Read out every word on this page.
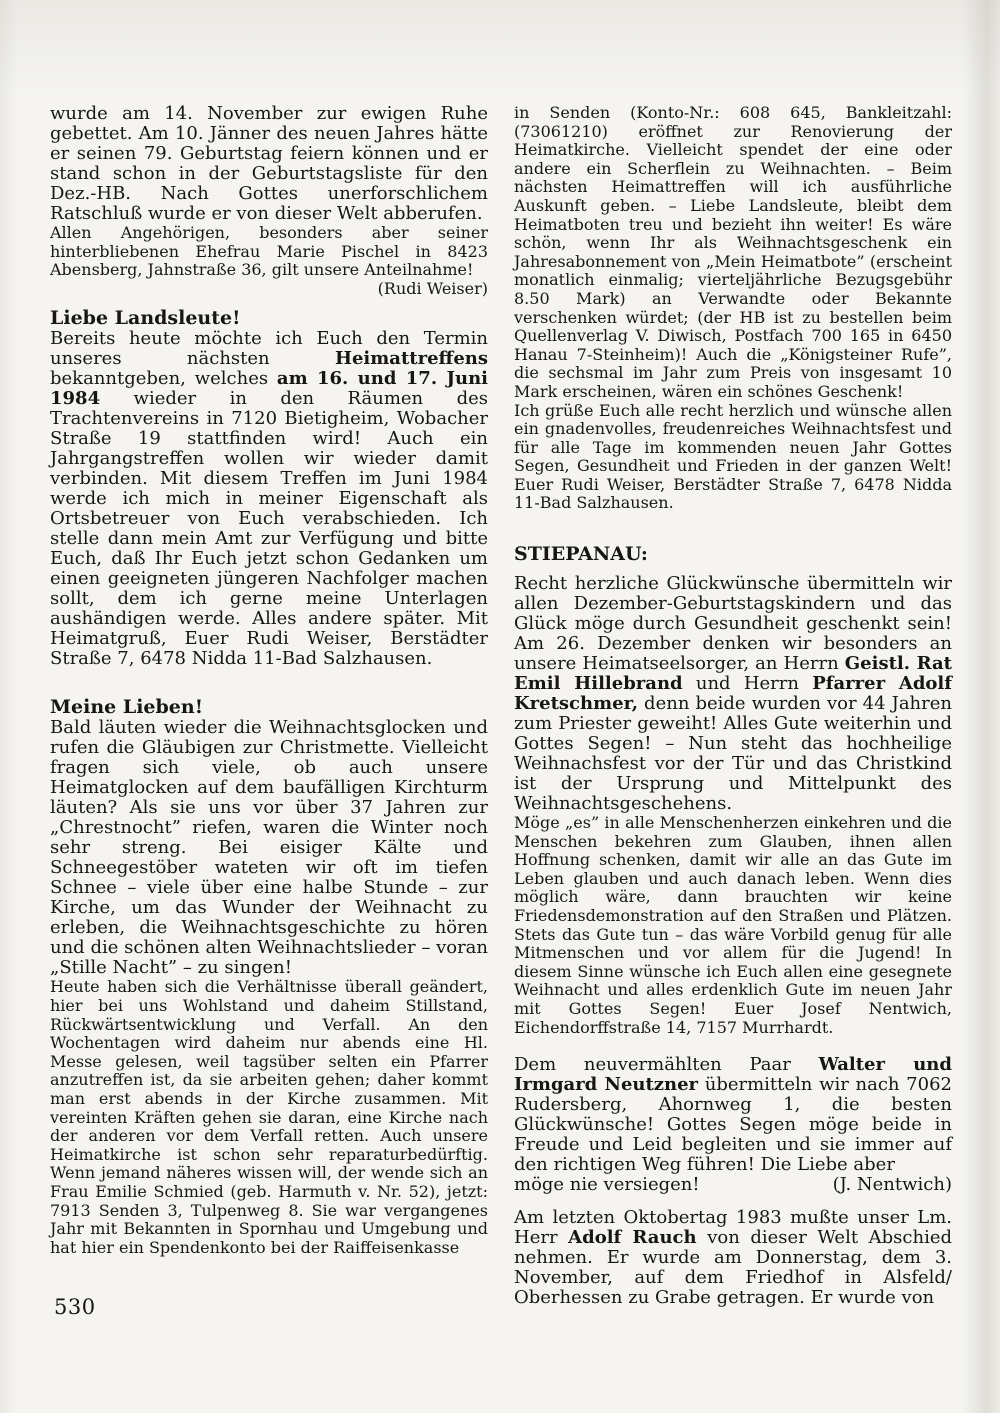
wurde am 14. November zur ewigen Ruhe gebettet. Am 10. Jänner des neuen Jahres hätte er seinen 79. Geburtstag feiern können und er stand schon in der Geburtstagsliste für den Dez.-HB. Nach Gottes unerforschlichem Ratschluß wurde er von dieser Welt abberufen.

Allen Angehörigen, besonders aber seiner hinterbliebenen Ehefrau Marie Pischel in 8423 Abensberg, Jahnstraße 36, gilt unsere Anteilnahme!

(Rudi Weiser)
Liebe Landsleute!

Bereits heute möchte ich Euch den Termin unseres nächsten Heimattreffens bekanntgeben, welches am 16. und 17. Juni 1984 wieder in den Räumen des Trachtenvereins in 7120 Bietigheim, Wobacher Straße 19 stattfinden wird! Auch ein Jahrgangstreffen wollen wir wieder damit verbinden. Mit diesem Treffen im Juni 1984 werde ich mich in meiner Eigenschaft als Ortsbetreuer von Euch verabschieden. Ich stelle dann mein Amt zur Verfügung und bitte Euch, daß Ihr Euch jetzt schon Gedanken um einen geeigneten jüngeren Nachfolger machen sollt, dem ich gerne meine Unterlagen aushändigen werde. Alles andere später. Mit Heimatgruß, Euer Rudi Weiser, Berstädter Straße 7, 6478 Nidda 11-Bad Salzhausen.

Meine Lieben!

Bald läuten wieder die Weihnachtsglocken und rufen die Gläubigen zur Christmette. Vielleicht fragen sich viele, ob auch unsere Heimatglocken auf dem baufälligen Kirchturm läuten? Als sie uns vor über 37 Jahren zur „Chrestnocht” riefen, waren die Winter noch sehr streng. Bei eisiger Kälte und Schneegestöber wateten wir oft im tiefen Schnee – viele über eine halbe Stunde – zur Kirche, um das Wunder der Weihnacht zu erleben, die Weihnachtsgeschichte zu hören und die schönen alten Weihnachtslieder – voran „Stille Nacht” – zu singen!

Heute haben sich die Verhältnisse überall geändert, hier bei uns Wohlstand und daheim Stillstand, Rückwärtsentwicklung und Verfall. An den Wochentagen wird daheim nur abends eine Hl. Messe gelesen, weil tagsüber selten ein Pfarrer anzutreffen ist, da sie arbeiten gehen; daher kommt man erst abends in der Kirche zusammen. Mit vereinten Kräften gehen sie daran, eine Kirche nach der anderen vor dem Verfall retten. Auch unsere Heimatkirche ist schon sehr reparaturbedürftig. Wenn jemand näheres wissen will, der wende sich an Frau Emilie Schmied (geb. Harmuth v. Nr. 52), jetzt: 7913 Senden 3, Tulpenweg 8. Sie war vergangenes Jahr mit Bekannten in Spornhau und Umgebung und hat hier ein Spendenkonto bei der Raiffeisenkasse

in Senden (Konto-Nr.: 608 645, Bankleitzahl: (73061210) eröffnet zur Renovierung der Heimatkirche. Vielleicht spendet der eine oder andere ein Scherflein zu Weihnachten. – Beim nächsten Heimattreffen will ich ausführliche Auskunft geben. – Liebe Landsleute, bleibt dem Heimatboten treu und bezieht ihn weiter! Es wäre schön, wenn Ihr als Weihnachtsgeschenk ein Jahresabonnement von „Mein Heimatbote” (erscheint monatlich einmalig; vierteljährliche Bezugsgebühr 8.50 Mark) an Verwandte oder Bekannte verschenken würdet; (der HB ist zu bestellen beim Quellenverlag V. Diwisch, Postfach 700 165 in 6450 Hanau 7-Steinheim)! Auch die „Königsteiner Rufe”, die sechsmal im Jahr zum Preis von insgesamt 10 Mark erscheinen, wären ein schönes Geschenk!

Ich grüße Euch alle recht herzlich und wünsche allen ein gnadenvolles, freudenreiches Weihnachtsfest und für alle Tage im kommenden neuen Jahr Gottes Segen, Gesundheit und Frieden in der ganzen Welt! Euer Rudi Weiser, Berstädter Straße 7, 6478 Nidda 11-Bad Salzhausen.

STIEPANAU:

Recht herzliche Glückwünsche übermitteln wir allen Dezember-Geburtstagskindern und das Glück möge durch Gesundheit geschenkt sein! Am 26. Dezember denken wir besonders an unsere Heimatseelsorger, an Herrn Geistl. Rat Emil Hillebrand und Herrn Pfarrer Adolf Kretschmer, denn beide wurden vor 44 Jahren zum Priester geweiht! Alles Gute weiterhin und Gottes Segen! – Nun steht das hochheilige Weihnachsfest vor der Tür und das Christkind ist der Ursprung und Mittelpunkt des Weihnachtsgeschehens.

Möge „es” in alle Menschenherzen einkehren und die Menschen bekehren zum Glauben, ihnen allen Hoffnung schenken, damit wir alle an das Gute im Leben glauben und auch danach leben. Wenn dies möglich wäre, dann brauchten wir keine Friedensdemonstration auf den Straßen und Plätzen. Stets das Gute tun – das wäre Vorbild genug für alle Mitmenschen und vor allem für die Jugend! In diesem Sinne wünsche ich Euch allen eine gesegnete Weihnacht und alles erdenklich Gute im neuen Jahr mit Gottes Segen! Euer Josef Nentwich, Eichendorffstraße 14, 7157 Murrhardt.

Dem neuvermählten Paar Walter und Irmgard Neutzner übermitteln wir nach 7062 Rudersberg, Ahornweg 1, die besten Glückwünsche! Gottes Segen möge beide in Freude und Leid begleiten und sie immer auf den richtigen Weg führen! Die Liebe aber

möge nie versiegen!	(J. Nentwich)

Am letzten Oktobertag 1983 mußte unser Lm. Herr Adolf Rauch von dieser Welt Abschied nehmen. Er wurde am Donnerstag, dem 3. November, auf dem Friedhof in Alsfeld/ Oberhessen zu Grabe getragen. Er wurde von

530
